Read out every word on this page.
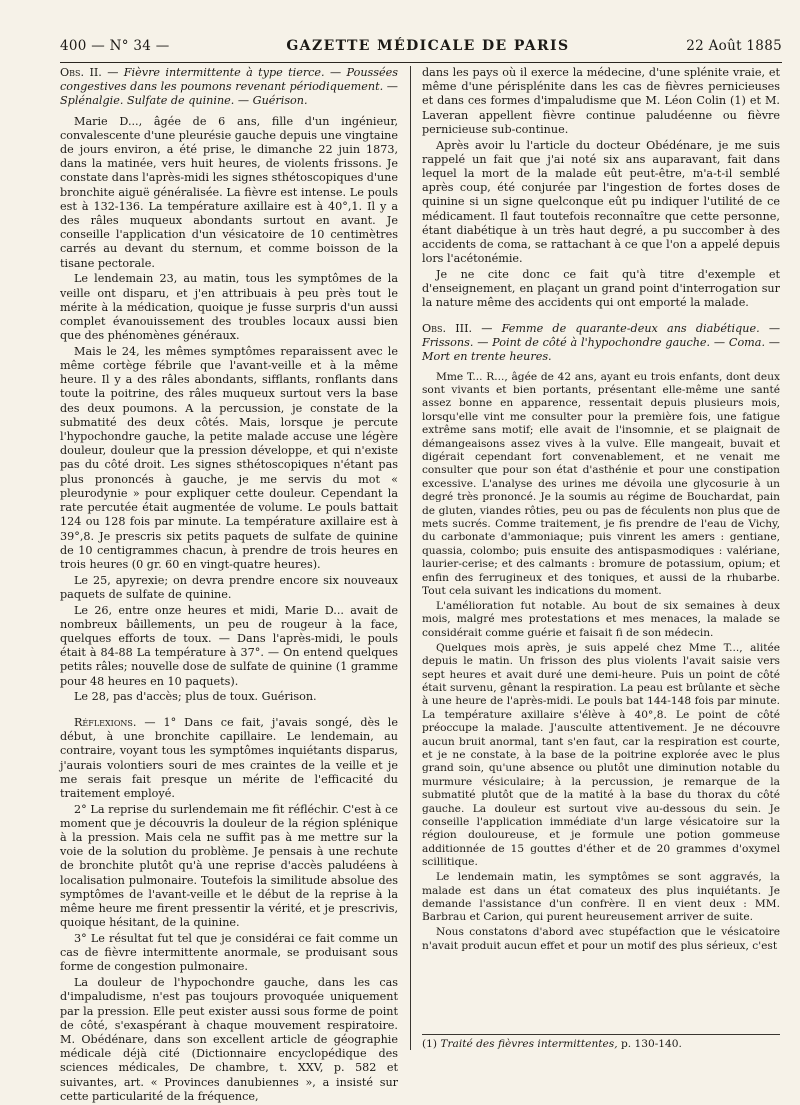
400 — N° 34 —	GAZETTE MÉDICALE DE PARIS	22 Août 1885

Obs. II. — Fièvre intermittente à type tierce. — Poussées congestives dans les poumons revenant périodiquement. — Splénalgie. Sulfate de quinine. — Guérison.

Marie D..., âgée de 6 ans, fille d'un ingénieur, convalescente d'une pleurésie gauche depuis une vingtaine de jours environ, a été prise, le dimanche 22 juin 1873, dans la matinée, vers huit heures, de violents frissons. Je constate dans l'après-midi les signes sthétoscopiques d'une bronchite aiguë généralisée. La fièvre est intense. Le pouls est à 132-136. La température axillaire est à 40°,1. Il y a des râles muqueux abondants surtout en avant. Je conseille l'application d'un vésicatoire de 10 centimètres carrés au devant du sternum, et comme boisson de la tisane pectorale.

Le lendemain 23, au matin, tous les symptômes de la veille ont disparu, et j'en attribuais à peu près tout le mérite à la médication, quoique je fusse surpris d'un aussi complet évanouissement des troubles locaux aussi bien que des phénomènes généraux.

Mais le 24, les mêmes symptômes reparaissent avec le même cortège fébrile que l'avant-veille et à la même heure. Il y a des râles abondants, sifflants, ronflants dans toute la poitrine, des râles muqueux surtout vers la base des deux poumons. A la percussion, je constate de la submatité des deux côtés. Mais, lorsque je percute l'hypochondre gauche, la petite malade accuse une légère douleur, douleur que la pression développe, et qui n'existe pas du côté droit. Les signes sthétoscopiques n'étant pas plus prononcés à gauche, je me servis du mot « pleurodynie » pour expliquer cette douleur. Cependant la rate percutée était augmentée de volume. Le pouls battait 124 ou 128 fois par minute. La température axillaire est à 39°,8. Je prescris six petits paquets de sulfate de quinine de 10 centigrammes chacun, à prendre de trois heures en trois heures (0 gr. 60 en vingt-quatre heures).

Le 25, apyrexie; on devra prendre encore six nouveaux paquets de sulfate de quinine.

Le 26, entre onze heures et midi, Marie D... avait de nombreux bâillements, un peu de rougeur à la face, quelques efforts de toux. — Dans l'après-midi, le pouls était à 84-88 La température à 37°. — On entend quelques petits râles; nouvelle dose de sulfate de quinine (1 gramme pour 48 heures en 10 paquets).

Le 28, pas d'accès; plus de toux. Guérison.

Réflexions. — 1° Dans ce fait, j'avais songé, dès le début, à une bronchite capillaire. Le lendemain, au contraire, voyant tous les symptômes inquiétants disparus, j'aurais volontiers souri de mes craintes de la veille et je me serais fait presque un mérite de l'efficacité du traitement employé.

2° La reprise du surlendemain me fit réfléchir. C'est à ce moment que je découvris la douleur de la région splénique à la pression. Mais cela ne suffit pas à me mettre sur la voie de la solution du problème. Je pensais à une rechute de bronchite plutôt qu'à une reprise d'accès paludéens à localisation pulmonaire. Toutefois la similitude absolue des symptômes de l'avant-veille et le début de la reprise à la même heure me firent pressentir la vérité, et je prescrivis, quoique hésitant, de la quinine.

3° Le résultat fut tel que je considérai ce fait comme un cas de fièvre intermittente anormale, se produisant sous forme de congestion pulmonaire.

La douleur de l'hypochondre gauche, dans les cas d'impaludisme, n'est pas toujours provoquée uniquement par la pression. Elle peut exister aussi sous forme de point de côté, s'exaspérant à chaque mouvement respiratoire. M. Obédénare, dans son excellent article de géographie médicale déjà cité (Dictionnaire encyclopédique des sciences médicales, De chambre, t. XXV, p. 582 et suivantes, art. « Provinces danubiennes », a insisté sur cette particularité de la fréquence,

dans les pays où il exerce la médecine, d'une splénite vraie, et même d'une périsplénite dans les cas de fièvres pernicieuses et dans ces formes d'impaludisme que M. Léon Colin (1) et M. Laveran appellent fièvre continue paludéenne ou fièvre pernicieuse sub-continue.

Après avoir lu l'article du docteur Obédénare, je me suis rappelé un fait que j'ai noté six ans auparavant, fait dans lequel la mort de la malade eût peut-être, m'a-t-il semblé après coup, été conjurée par l'ingestion de fortes doses de quinine si un signe quelconque eût pu indiquer l'utilité de ce médicament. Il faut toutefois reconnaître que cette personne, étant diabétique à un très haut degré, a pu succomber à des accidents de coma, se rattachant à ce que l'on a appelé depuis lors l'acétonémie.

Je ne cite donc ce fait qu'à titre d'exemple et d'enseignement, en plaçant un grand point d'interrogation sur la nature même des accidents qui ont emporté la malade.

Obs. III. — Femme de quarante-deux ans diabétique. — Frissons. — Point de côté à l'hypochondre gauche. — Coma. — Mort en trente heures.

Mme T... R..., âgée de 42 ans, ayant eu trois enfants, dont deux sont vivants et bien portants, présentant elle-même une santé assez bonne en apparence, ressentait depuis plusieurs mois, lorsqu'elle vint me consulter pour la première fois, une fatigue extrême sans motif; elle avait de l'insomnie, et se plaignait de démangeaisons assez vives à la vulve. Elle mangeait, buvait et digérait cependant fort convenablement, et ne venait me consulter que pour son état d'asthénie et pour une constipation excessive. L'analyse des urines me dévoila une glycosurie à un degré très prononcé. Je la soumis au régime de Bouchardat, pain de gluten, viandes rôties, peu ou pas de féculents non plus que de mets sucrés. Comme traitement, je fis prendre de l'eau de Vichy, du carbonate d'ammoniaque; puis vinrent les amers : gentiane, quassia, colombo; puis ensuite des antispasmodiques : valériane, laurier-cerise; et des calmants : bromure de potassium, opium; et enfin des ferrugineux et des toniques, et aussi de la rhubarbe. Tout cela suivant les indications du moment.

L'amélioration fut notable. Au bout de six semaines à deux mois, malgré mes protestations et mes menaces, la malade se considérait comme guérie et faisait fi de son médecin.

Quelques mois après, je suis appelé chez Mme T..., alitée depuis le matin. Un frisson des plus violents l'avait saisie vers sept heures et avait duré une demi-heure. Puis un point de côté était survenu, gênant la respiration. La peau est brûlante et sèche à une heure de l'après-midi. Le pouls bat 144-148 fois par minute. La température axillaire s'élève à 40°,8. Le point de côté préoccupe la malade. J'ausculte attentivement. Je ne découvre aucun bruit anormal, tant s'en faut, car la respiration est courte, et je ne constate, à la base de la poitrine explorée avec le plus grand soin, qu'une absence ou plutôt une diminution notable du murmure vésiculaire; à la percussion, je remarque de la submatité plutôt que de la matité à la base du thorax du côté gauche. La douleur est surtout vive au-dessous du sein. Je conseille l'application immédiate d'un large vésicatoire sur la région douloureuse, et je formule une potion gommeuse additionnée de 15 gouttes d'éther et de 20 grammes d'oxymel scillitique.

Le lendemain matin, les symptômes se sont aggravés, la malade est dans un état comateux des plus inquiétants. Je demande l'assistance d'un confrère. Il en vient deux : MM. Barbrau et Carion, qui purent heureusement arriver de suite.

Nous constatons d'abord avec stupéfaction que le vésicatoire n'avait produit aucun effet et pour un motif des plus sérieux, c'est

(1) Traité des fièvres intermittentes, p. 130-140.
